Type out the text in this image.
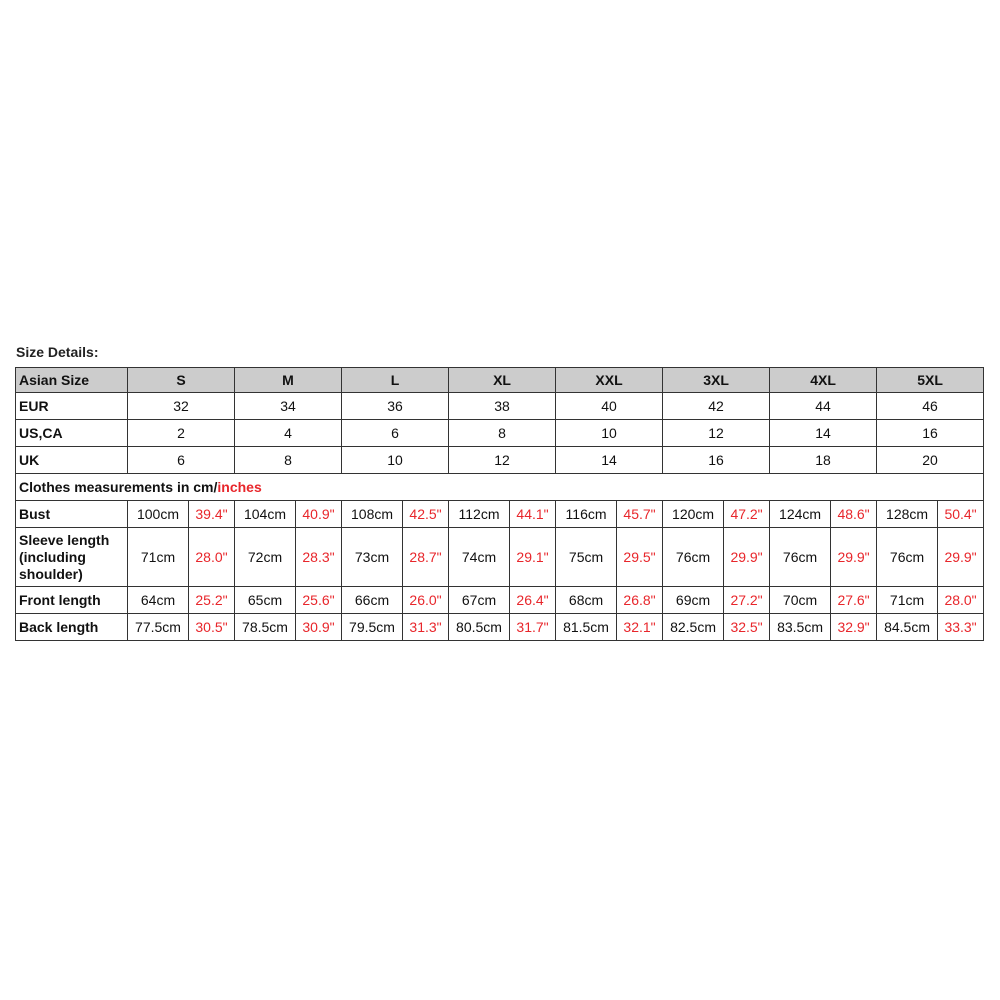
Size Details:
Asian Size	S		M		L		XL		XXL		3XL		4XL		5XL	
EUR	32		34		36		38		40		42		44		46	
US,CA	2		4		6		8		10		12		14		16	
UK	6		8		10		12		14		16		18		20	
Clothes measurements in cm/inches																
Bust	100cm	39.4"	104cm	40.9"	108cm	42.5"	112cm	44.1"	116cm	45.7"	120cm	47.2"	124cm	48.6"	128cm	50.4"
Sleeve length (including shoulder)	71cm	28.0"	72cm	28.3"	73cm	28.7"	74cm	29.1"	75cm	29.5"	76cm	29.9"	76cm	29.9"	76cm	29.9"
Front length	64cm	25.2"	65cm	25.6"	66cm	26.0"	67cm	26.4"	68cm	26.8"	69cm	27.2"	70cm	27.6"	71cm	28.0"
Back length	77.5cm	30.5"	78.5cm	30.9"	79.5cm	31.3"	80.5cm	31.7"	81.5cm	32.1"	82.5cm	32.5"	83.5cm	32.9"	84.5cm	33.3"
